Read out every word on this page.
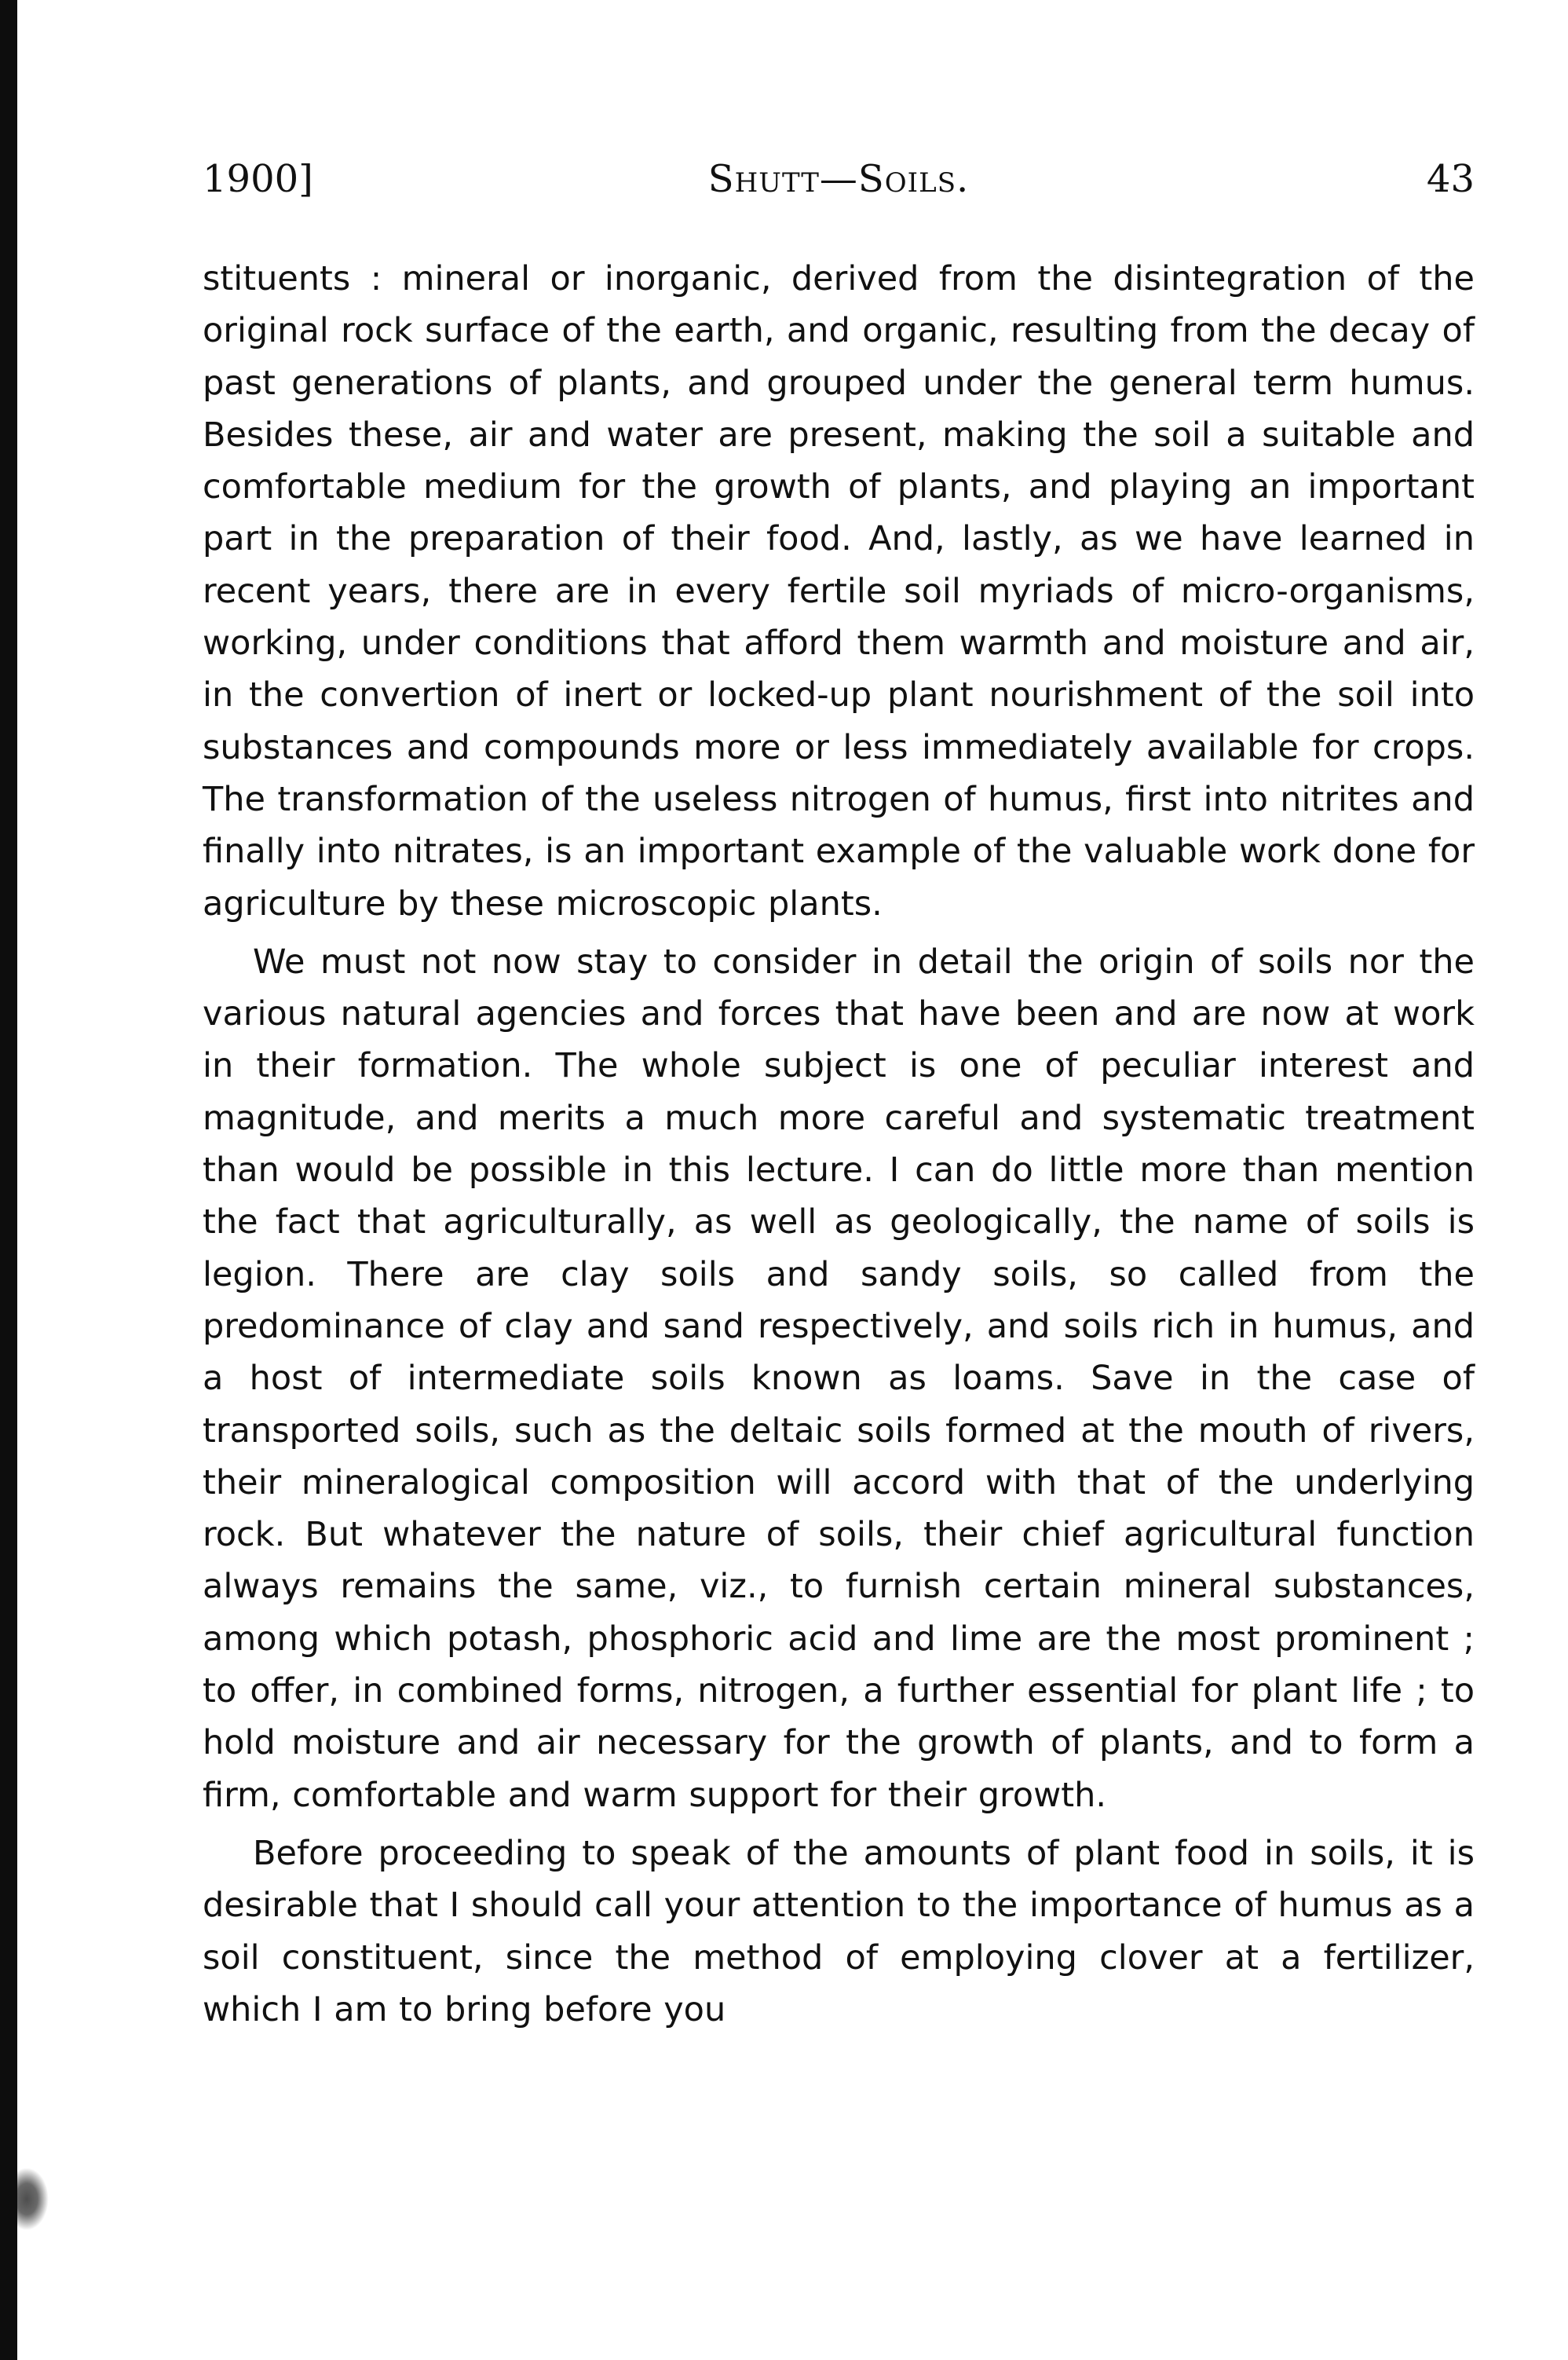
1900]	Shutt—Soils.	43

stituents : mineral or inorganic, derived from the disintegration of the original rock surface of the earth, and organic, resulting from the decay of past generations of plants, and grouped under the general term humus. Besides these, air and water are present, making the soil a suitable and comfortable medium for the growth of plants, and playing an important part in the preparation of their food. And, lastly, as we have learned in recent years, there are in every fertile soil myriads of micro-organisms, working, under conditions that afford them warmth and moisture and air, in the convertion of inert or locked-up plant nourishment of the soil into substances and compounds more or less immediately available for crops. The transformation of the useless nitrogen of humus, first into nitrites and finally into nitrates, is an important example of the valuable work done for agriculture by these microscopic plants.

We must not now stay to consider in detail the origin of soils nor the various natural agencies and forces that have been and are now at work in their formation. The whole subject is one of peculiar interest and magnitude, and merits a much more careful and systematic treatment than would be possible in this lecture. I can do little more than mention the fact that agriculturally, as well as geologically, the name of soils is legion. There are clay soils and sandy soils, so called from the predominance of clay and sand respectively, and soils rich in humus, and a host of intermediate soils known as loams. Save in the case of transported soils, such as the deltaic soils formed at the mouth of rivers, their mineralogical composition will accord with that of the underlying rock. But whatever the nature of soils, their chief agricultural function always remains the same, viz., to furnish certain mineral substances, among which potash, phosphoric acid and lime are the most prominent ; to offer, in combined forms, nitrogen, a further essential for plant life ; to hold moisture and air necessary for the growth of plants, and to form a firm, comfortable and warm support for their growth.

Before proceeding to speak of the amounts of plant food in soils, it is desirable that I should call your attention to the importance of humus as a soil constituent, since the method of employing clover at a fertilizer, which I am to bring before you
